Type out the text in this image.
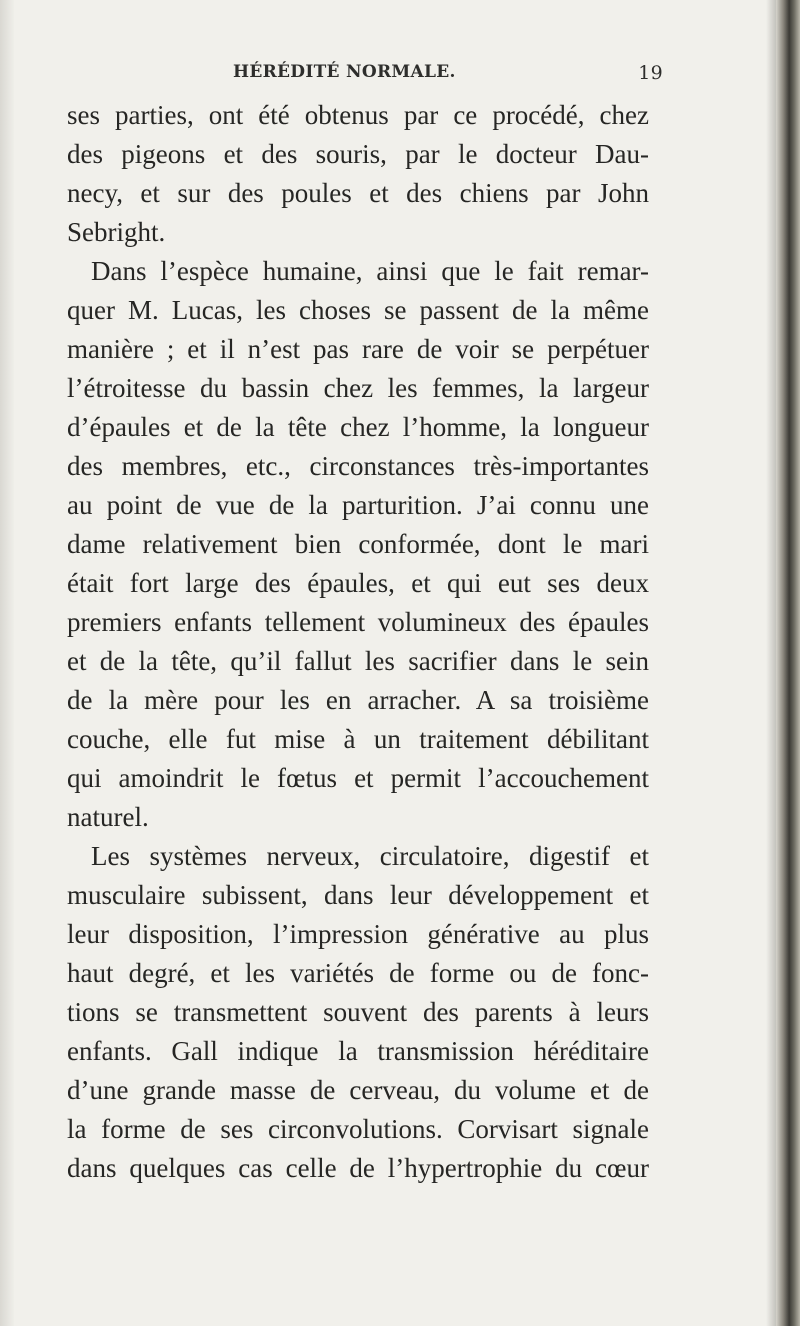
HÉRÉDITÉ NORMALE.	19
ses parties, ont été obtenus par ce procédé, chez
des pigeons et des souris, par le docteur Dau-
necy, et sur des poules et des chiens par John
Sebright.
Dans l’espèce humaine, ainsi que le fait remar-
quer M. Lucas, les choses se passent de la même
manière ; et il n’est pas rare de voir se perpétuer
l’étroitesse du bassin chez les femmes, la largeur
d’épaules et de la tête chez l’homme, la longueur
des membres, etc., circonstances très-importantes
au point de vue de la parturition. J’ai connu une
dame relativement bien conformée, dont le mari
était fort large des épaules, et qui eut ses deux
premiers enfants tellement volumineux des épaules
et de la tête, qu’il fallut les sacrifier dans le sein
de la mère pour les en arracher. A sa troisième
couche, elle fut mise à un traitement débilitant
qui amoindrit le fœtus et permit l’accouchement
naturel.
Les systèmes nerveux, circulatoire, digestif et
musculaire subissent, dans leur développement et
leur disposition, l’impression générative au plus
haut degré, et les variétés de forme ou de fonc-
tions se transmettent souvent des parents à leurs
enfants. Gall indique la transmission héréditaire
d’une grande masse de cerveau, du volume et de
la forme de ses circonvolutions. Corvisart signale
dans quelques cas celle de l’hypertrophie du cœur
